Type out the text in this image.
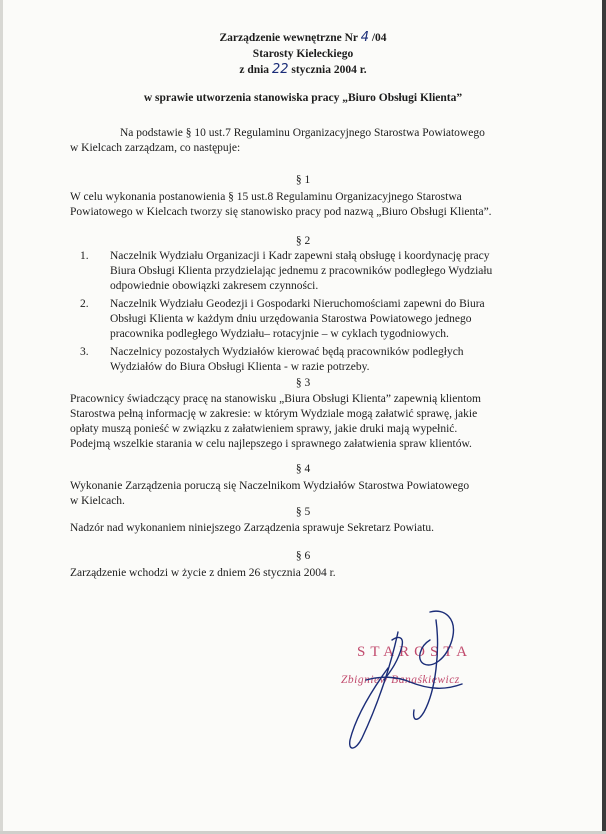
Zarządzenie wewnętrzne Nr 4 /04
Starosty Kieleckiego
z dnia 22 stycznia 2004 r.
w sprawie utworzenia stanowiska pracy „Biuro Obsługi Klienta”
Na podstawie § 10 ust.7 Regulaminu Organizacyjnego Starostwa Powiatowego
w Kielcach zarządzam, co następuje:
§ 1
W celu wykonania postanowienia § 15 ust.8 Regulaminu Organizacyjnego Starostwa
Powiatowego w Kielcach tworzy się stanowisko pracy pod nazwą „Biuro Obsługi Klienta”.
§ 2
1. Naczelnik Wydziału Organizacji i Kadr zapewni stałą obsługę i koordynację pracy
Biura Obsługi Klienta przydzielając jednemu z pracowników podległego Wydziału
odpowiednie obowiązki zakresem czynności.
2. Naczelnik Wydziału Geodezji i Gospodarki Nieruchomościami zapewni do Biura
Obsługi Klienta w każdym dniu urzędowania Starostwa Powiatowego jednego
pracownika podległego Wydziału– rotacyjnie – w cyklach tygodniowych.
3. Naczelnicy pozostałych Wydziałów kierować będą pracowników podległych
Wydziałów do Biura Obsługi Klienta - w razie potrzeby.
§ 3
Pracownicy świadczący pracę na stanowisku „Biura Obsługi Klienta” zapewnią klientom
Starostwa pełną informację w zakresie: w którym Wydziale mogą załatwić sprawę, jakie
opłaty muszą ponieść w związku z załatwieniem sprawy, jakie druki mają wypełnić.
Podejmą wszelkie starania w celu najlepszego i sprawnego załatwienia spraw klientów.
§ 4
Wykonanie Zarządzenia poruczą się Naczelnikom Wydziałów Starostwa Powiatowego
w Kielcach.
§ 5
Nadzór nad wykonaniem niniejszego Zarządzenia sprawuje Sekretarz Powiatu.
§ 6
Zarządzenie wchodzi w życie z dniem 26 stycznia 2004 r.
STAROSTA
Zbigniew Banaśkiewicz
